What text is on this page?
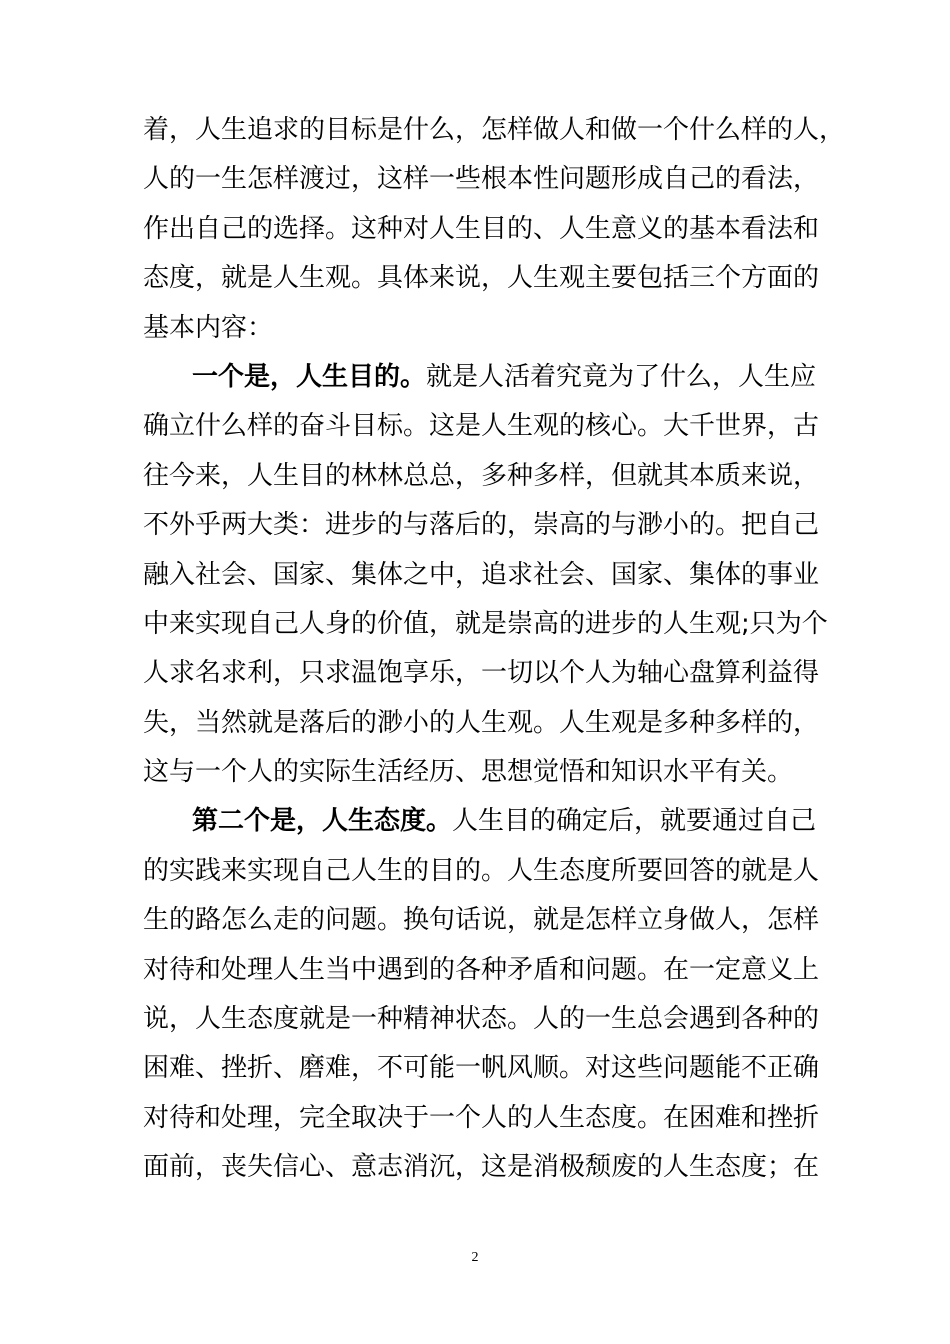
着，人生追求的目标是什么，怎样做人和做一个什么样的人，
人的一生怎样渡过，这样一些根本性问题形成自己的看法，
作出自己的选择。这种对人生目的、人生意义的基本看法和
态度，就是人生观。具体来说，人生观主要包括三个方面的
基本内容：
一个是，人生目的。就是人活着究竟为了什么，人生应
确立什么样的奋斗目标。这是人生观的核心。大千世界，古
往今来，人生目的林林总总，多种多样，但就其本质来说，
不外乎两大类：进步的与落后的，崇高的与渺小的。把自己
融入社会、国家、集体之中，追求社会、国家、集体的事业
中来实现自己人身的价值，就是崇高的进步的人生观;只为个
人求名求利，只求温饱享乐，一切以个人为轴心盘算利益得
失，当然就是落后的渺小的人生观。人生观是多种多样的，
这与一个人的实际生活经历、思想觉悟和知识水平有关。
第二个是，人生态度。人生目的确定后，就要通过自己
的实践来实现自己人生的目的。人生态度所要回答的就是人
生的路怎么走的问题。换句话说，就是怎样立身做人，怎样
对待和处理人生当中遇到的各种矛盾和问题。在一定意义上
说，人生态度就是一种精神状态。人的一生总会遇到各种的
困难、挫折、磨难，不可能一帆风顺。对这些问题能不正确
对待和处理，完全取决于一个人的人生态度。在困难和挫折
面前，丧失信心、意志消沉，这是消极颓废的人生态度；在
2
